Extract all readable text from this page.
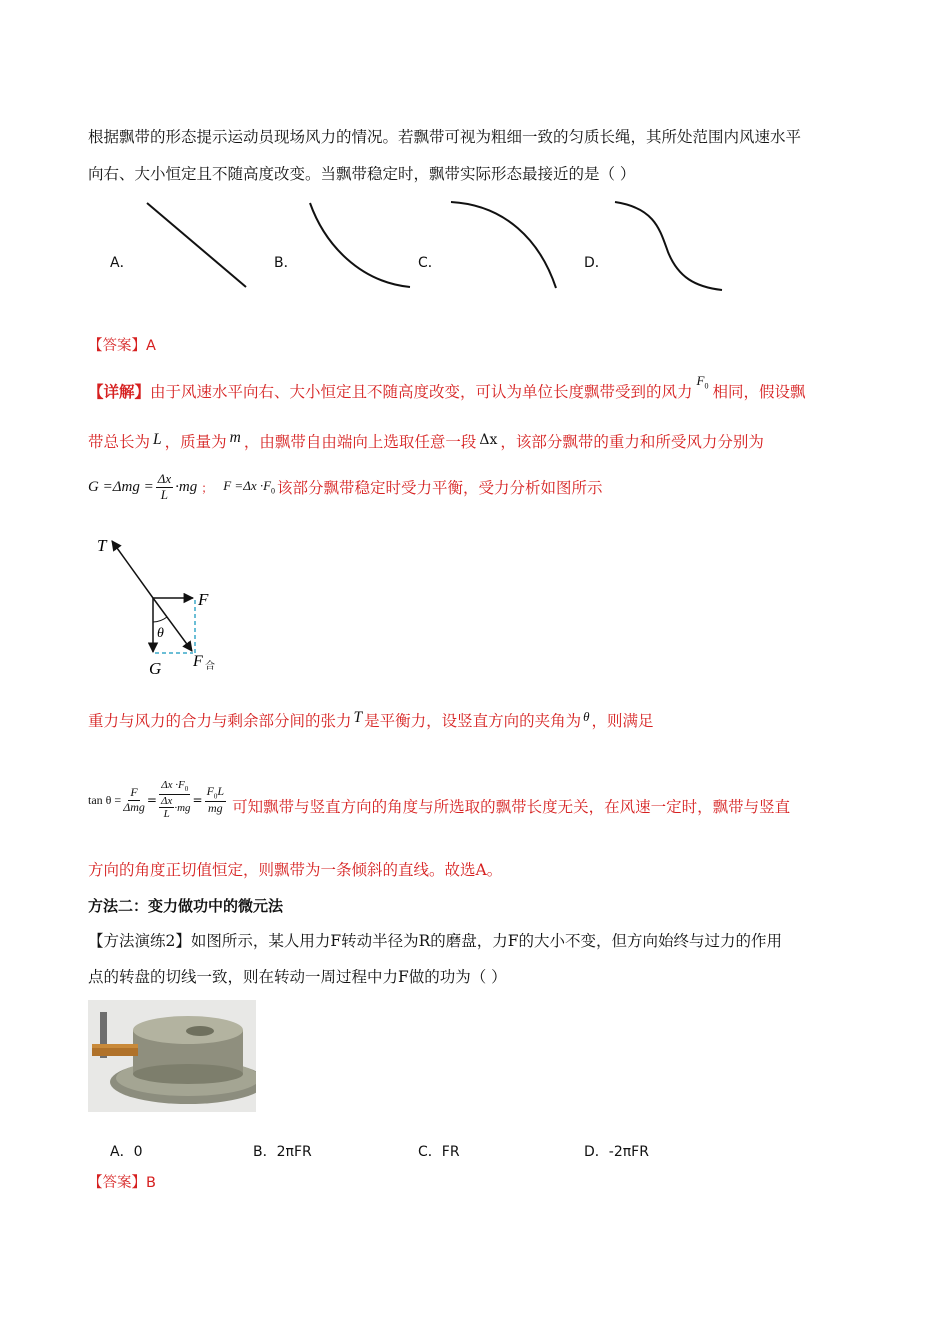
根据飘带的形态提示运动员现场风力的情况。若飘带可视为粗细一致的匀质长绳，其所处范围内风速水平
向右、大小恒定且不随高度改变。当飘带稳定时，飘带实际形态最接近的是（ ）
A．	B．	C．	D．
【答案】A
【详解】由于风速水平向右、大小恒定且不随高度改变，可认为单位长度飘带受到的风力$^{F_0}$ 相同，假设飘
带总长为 L ，质量为 m ，由飘带自由端向上选取任意一段 Δx ，该部分飘带的重力和所受风力分别为
$G =\Delta mg = \frac{\Delta x}{L} \cdot mg$ ； $F =\Delta x \cdot F_0$ 该部分飘带稳定时受力平衡，受力分析如图所示
T
F
G
θ
F 合
重力与风力的合力与剩余部分间的张力 T 是平衡力，设竖直方向的夹角为 $^\theta$ ，则满足
$\tan \theta = \frac{F}{\text{Δmg}} = \frac{\Delta x \cdot F_0}{\frac{\Delta x}{L} \cdot mg} = \frac{F_0L}{mg}$ 可知飘带与竖直方向的角度与所选取的飘带长度无关，在风速一定时，飘带与竖直
方向的角度正切值恒定，则飘带为一条倾斜的直线。故选A。
方法二：变力做功中的微元法
【方法演练2】如图所示，某人用力F转动半径为R的磨盘，力F的大小不变，但方向始终与过力的作用
点的转盘的切线一致，则在转动一周过程中力F做的功为（ ）
A．0	B．2πFR	C．FR	D．-2πFR
【答案】B
